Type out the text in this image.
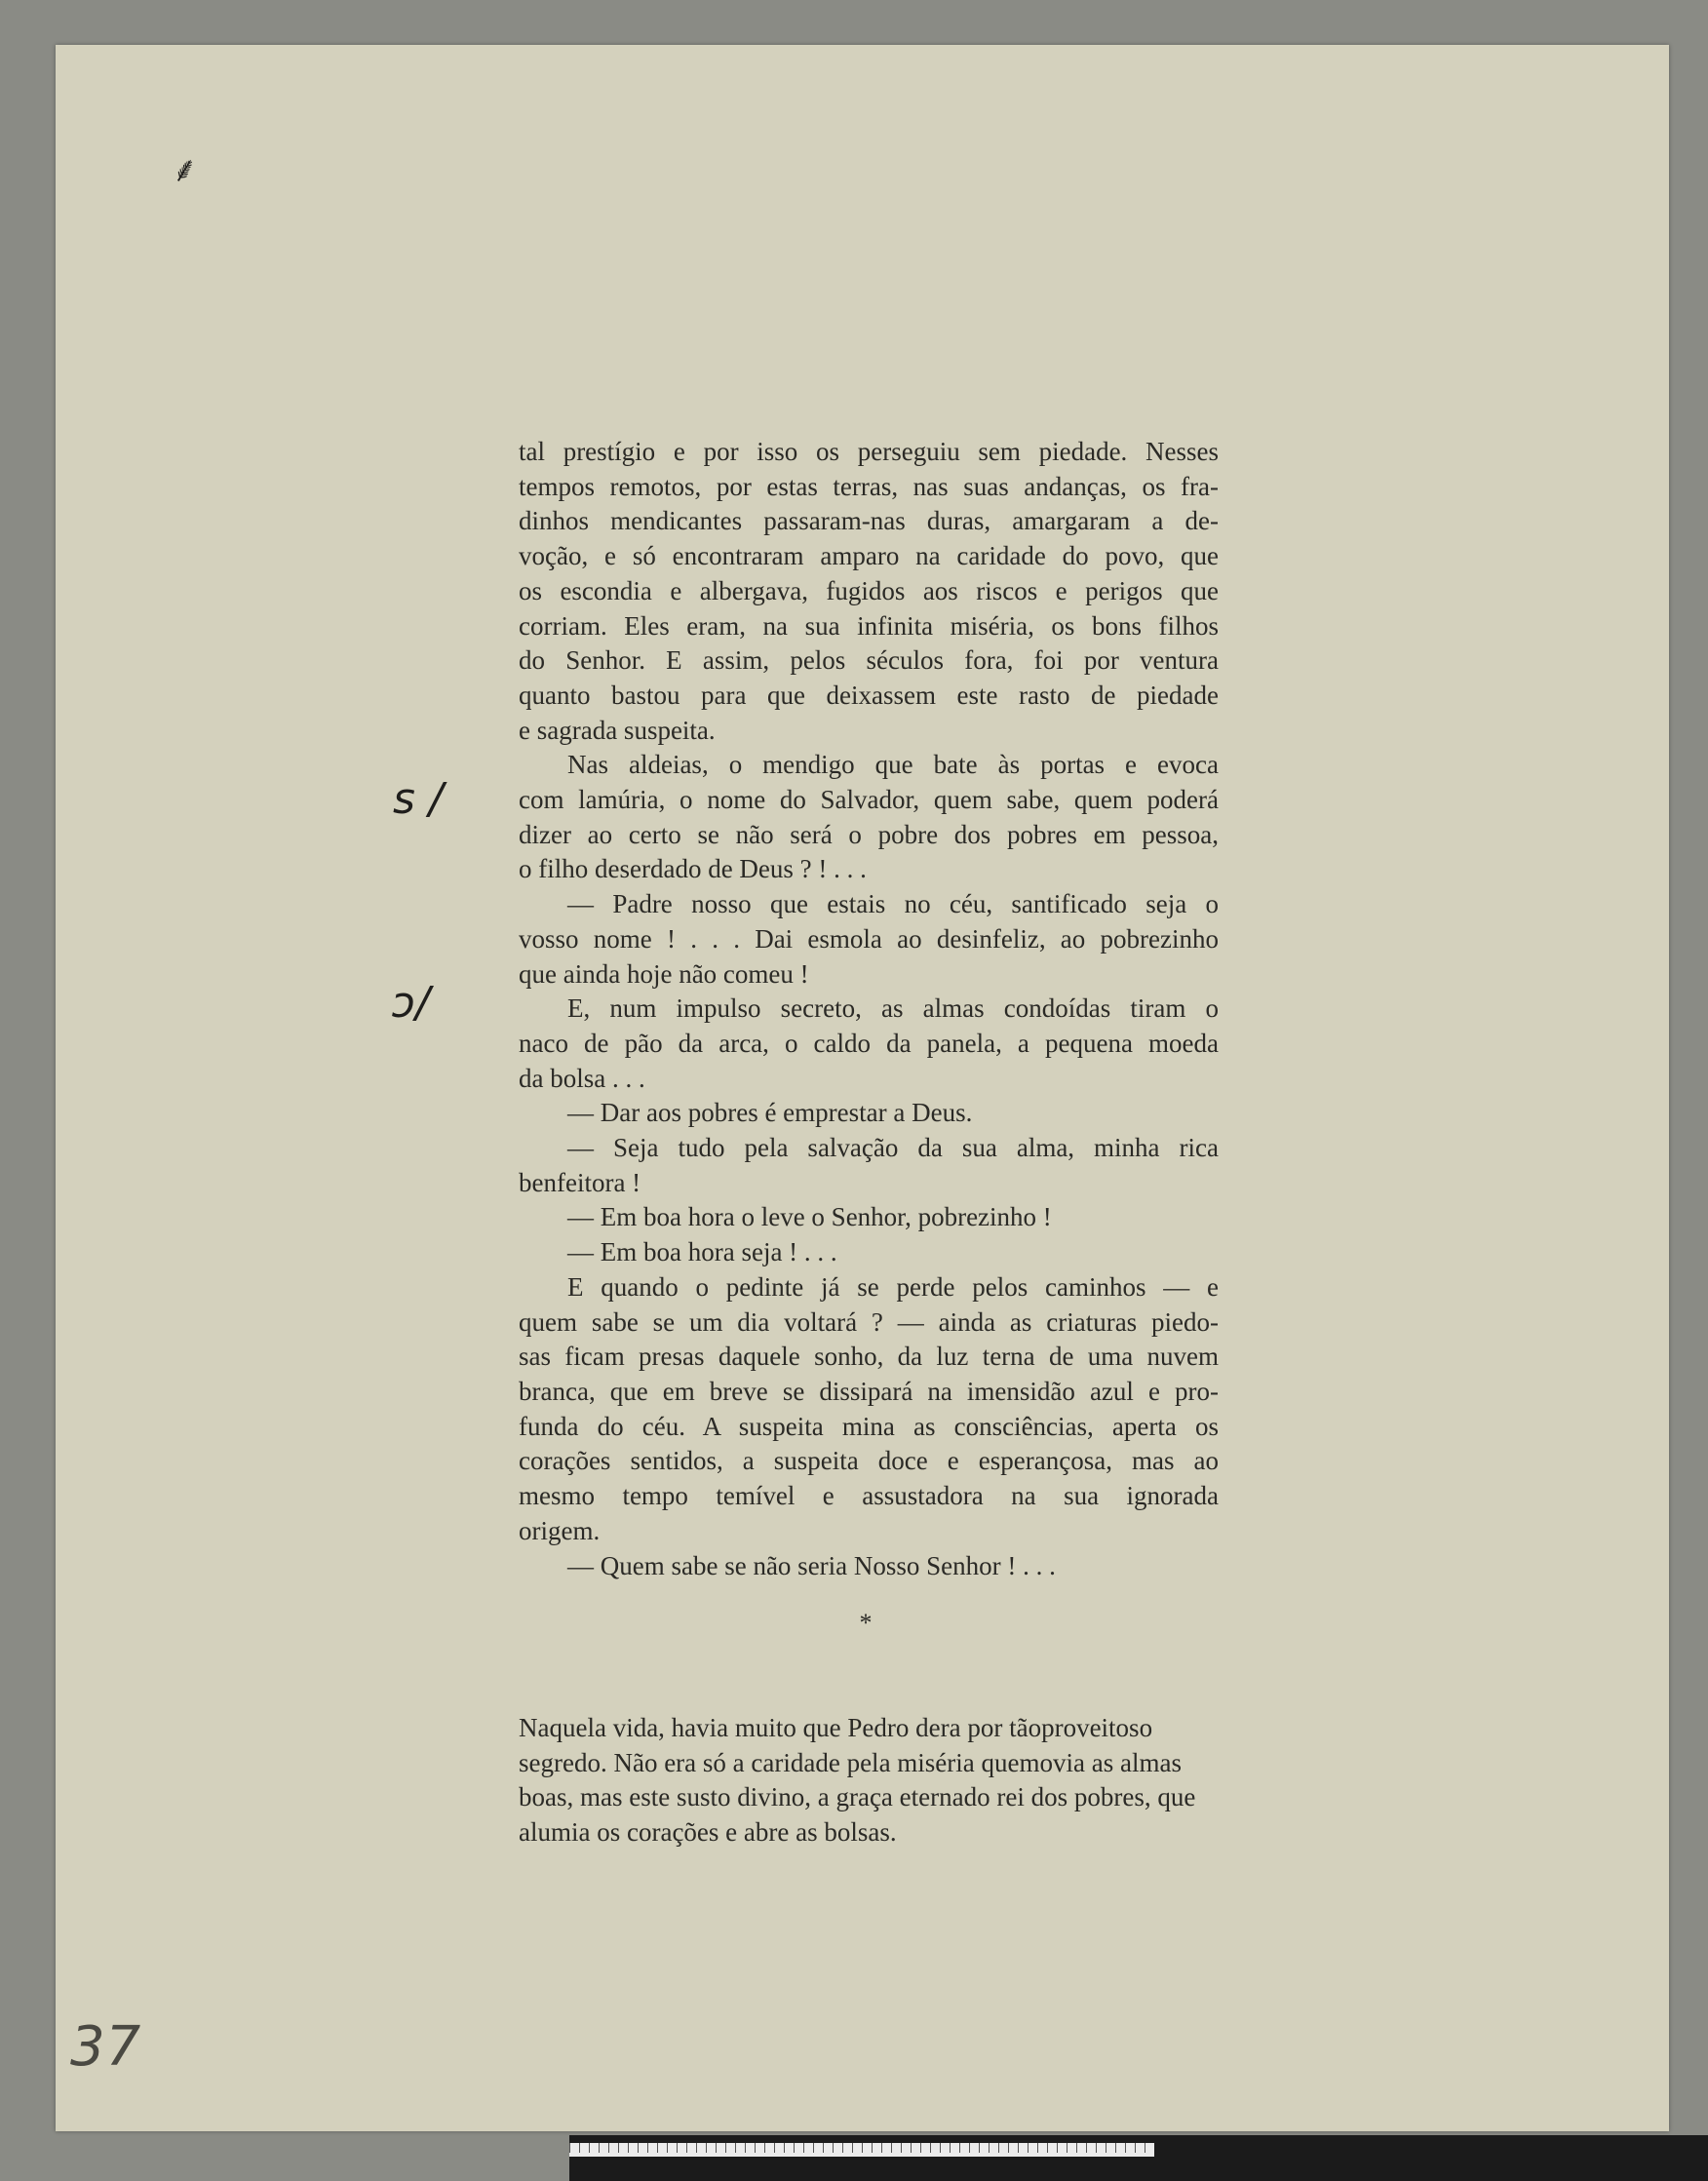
⸙

tal prestígio e por isso os perseguiu sem piedade. Nesses
tempos remotos, por estas terras, nas suas andanças, os fra-
dinhos mendicantes passaram-nas duras, amargaram a de-
voção, e só encontraram amparo na caridade do povo, que
os escondia e albergava, fugidos aos riscos e perigos que
corriam. Eles eram, na sua infinita miséria, os bons filhos
do Senhor. E assim, pelos séculos fora, foi por ventura
quanto bastou para que deixassem este rasto de piedade
e sagrada suspeita.

Nas aldeias, o mendigo que bate às portas e evoca
com lamúria, o nome do Salvador, quem sabe, quem poderá
dizer ao certo se não será o pobre dos pobres em pessoa,
o filho deserdado de Deus ? ! . . .

— Padre nosso que estais no céu, santificado seja o
vosso nome ! . . . Dai esmola ao desinfeliz, ao pobrezinho
que ainda hoje não comeu !

E, num impulso secreto, as almas condoídas tiram o
naco de pão da arca, o caldo da panela, a pequena moeda
da bolsa . . .

— Dar aos pobres é emprestar a Deus.

— Seja tudo pela salvação da sua alma, minha rica
benfeitora !

— Em boa hora o leve o Senhor, pobrezinho !

— Em boa hora seja ! . . .

E quando o pedinte já se perde pelos caminhos — e
quem sabe se um dia voltará ? — ainda as criaturas piedo-
sas ficam presas daquele sonho, da luz terna de uma nuvem
branca, que em breve se dissipará na imensidão azul e pro-
funda do céu. A suspeita mina as consciências, aperta os
corações sentidos, a suspeita doce e esperançosa, mas ao
mesmo tempo temível e assustadora na sua ignorada
origem.

— Quem sabe se não seria Nosso Senhor ! . . .

*

Naquela vida, havia muito que Pedro dera por tãoproveitoso segredo. Não era só a caridade pela miséria quemovia as almas boas, mas este susto divino, a graça eternado rei dos pobres, que alumia os corações e abre as bolsas.

s /
ɔ/
37
